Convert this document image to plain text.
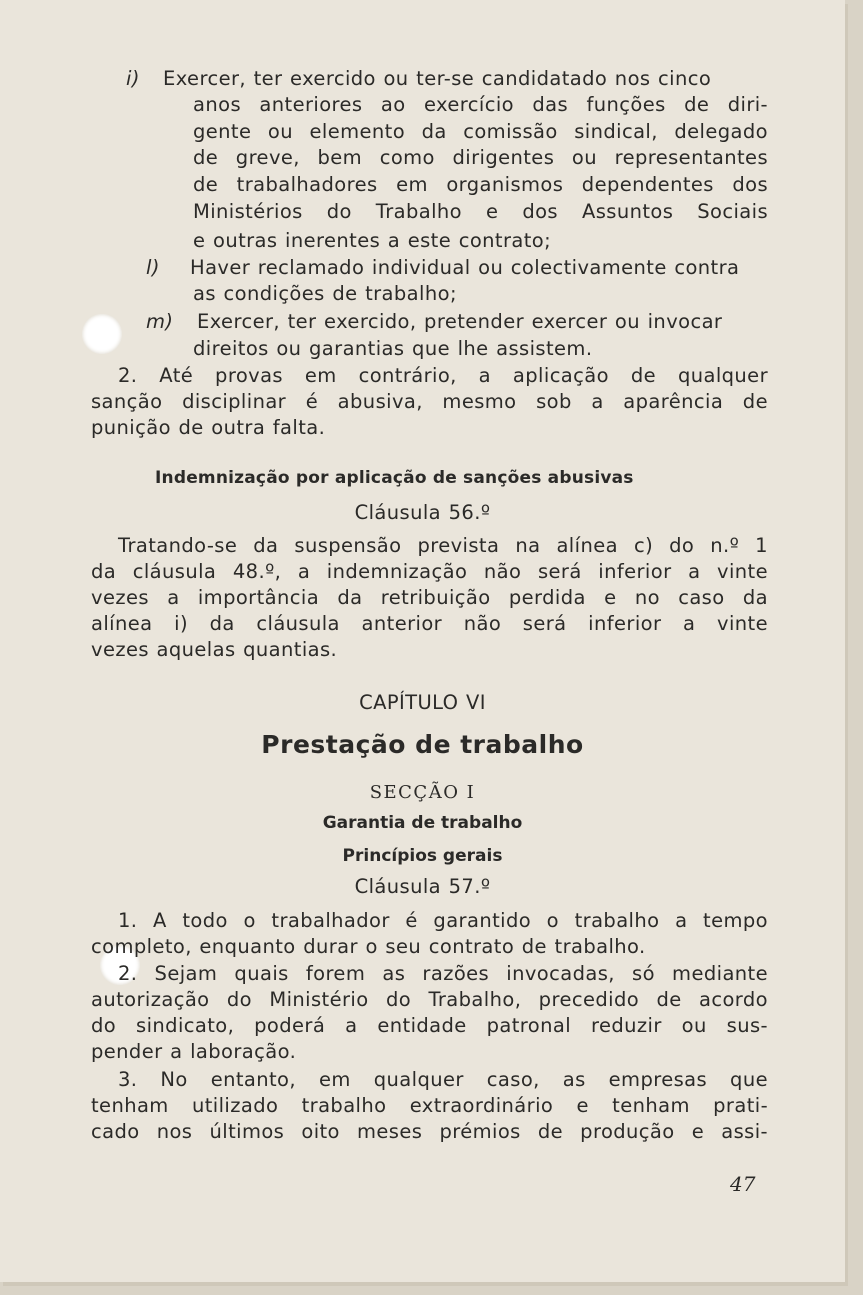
i) Exercer, ter exercido ou ter-se candidatado nos cinco
anos anteriores ao exercício das funções de diri-
gente ou elemento da comissão sindical, delegado
de greve, bem como dirigentes ou representantes
de trabalhadores em organismos dependentes dos
Ministérios do Trabalho e dos Assuntos Sociais
e outras inerentes a este contrato;
l) Haver reclamado individual ou colectivamente contra
as condições de trabalho;
m) Exercer, ter exercido, pretender exercer ou invocar
direitos ou garantias que lhe assistem.
2. Até provas em contrário, a aplicação de qualquer
sanção disciplinar é abusiva, mesmo sob a aparência de
punição de outra falta.
Indemnização por aplicação de sanções abusivas
Cláusula 56.º
Tratando-se da suspensão prevista na alínea c) do n.º 1
da cláusula 48.º, a indemnização não será inferior a vinte
vezes a importância da retribuição perdida e no caso da
alínea i) da cláusula anterior não será inferior a vinte
vezes aquelas quantias.
CAPÍTULO VI
Prestação de trabalho
SECÇÃO I
Garantia de trabalho
Princípios gerais
Cláusula 57.º
1. A todo o trabalhador é garantido o trabalho a tempo
completo, enquanto durar o seu contrato de trabalho.
2. Sejam quais forem as razões invocadas, só mediante
autorização do Ministério do Trabalho, precedido de acordo
do sindicato, poderá a entidade patronal reduzir ou sus-
pender a laboração.
3. No entanto, em qualquer caso, as empresas que
tenham utilizado trabalho extraordinário e tenham prati-
cado nos últimos oito meses prémios de produção e assi-
47
